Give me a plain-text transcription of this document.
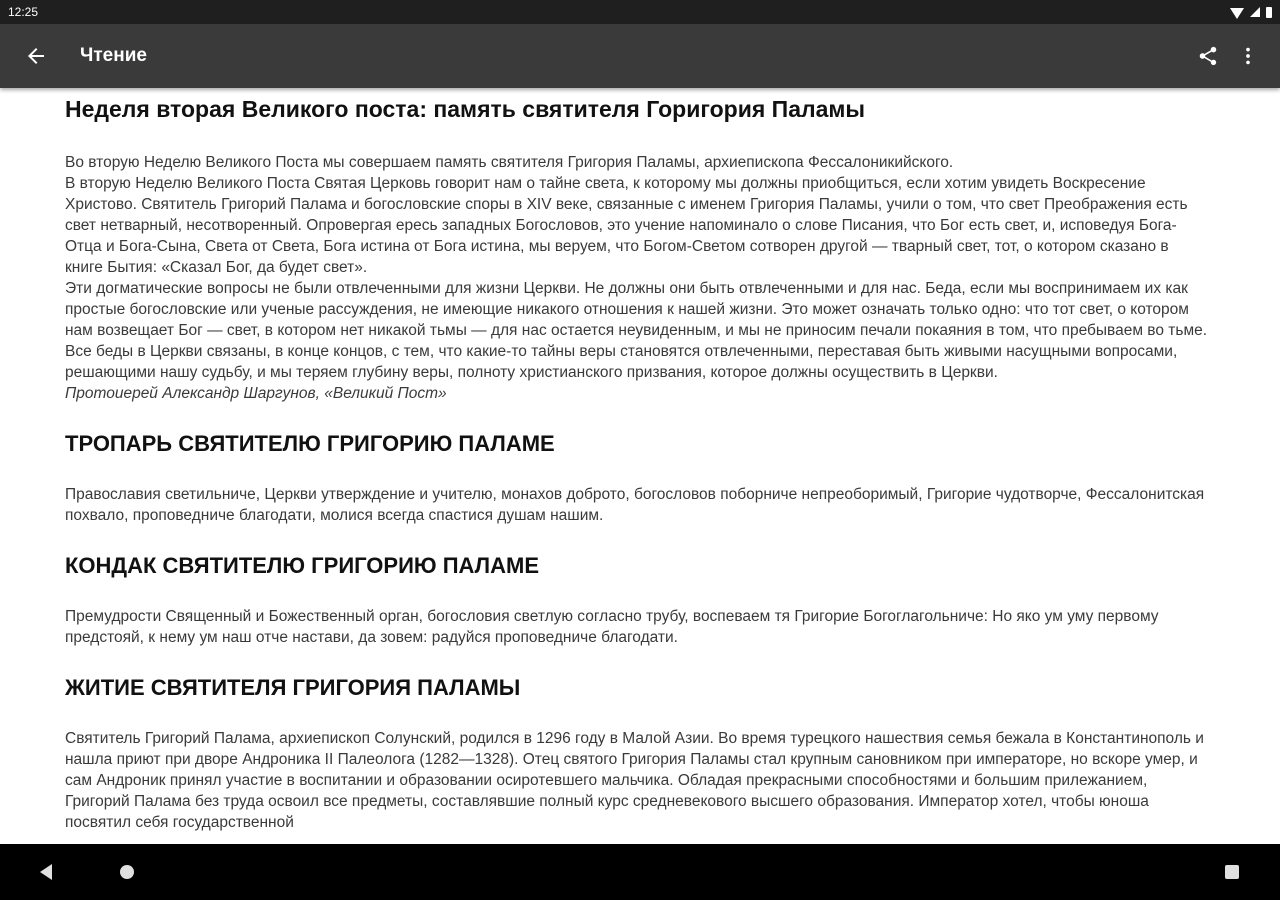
12:25
Чтение
Неделя вторая Великого поста: память святителя Горигория Паламы

Во вторую Неделю Великого Поста мы совершаем память святителя Григория Паламы, архиепископа Фессалоникийского.

В вторую Неделю Великого Поста Святая Церковь говорит нам о тайне света, к которому мы должны приобщиться, если хотим увидеть Воскресение Христово. Святитель Григорий Палама и богословские споры в XIV веке, связанные с именем Григория Паламы, учили о том, что свет Преображения есть свет нетварный, несотворенный. Опровергая ересь западных Богословов, это учение напоминало о слове Писания, что Бог есть свет, и, исповедуя Бога-Отца и Бога-Сына, Света от Света, Бога истина от Бога истина, мы веруем, что Богом-Светом сотворен другой — тварный свет, тот, о котором сказано в книге Бытия: «Сказал Бог, да будет свет».

Эти догматические вопросы не были отвлеченными для жизни Церкви. Не должны они быть отвлеченными и для нас. Беда, если мы воспринимаем их как простые богословские или ученые рассуждения, не имеющие никакого отношения к нашей жизни. Это может означать только одно: что тот свет, о котором нам возвещает Бог — свет, в котором нет никакой тьмы — для нас остается неувиденным, и мы не приносим печали покаяния в том, что пребываем во тьме. Все беды в Церкви связаны, в конце концов, с тем, что какие-то тайны веры становятся отвлеченными, переставая быть живыми насущными вопросами, решающими нашу судьбу, и мы теряем глубину веры, полноту христианского призвания, которое должны осуществить в Церкви.

Протоиерей Александр Шаргунов, «Великий Пост»

ТРОПАРЬ СВЯТИТЕЛЮ ГРИГОРИЮ ПАЛАМЕ

Православия светильниче, Церкви утверждение и учителю, монахов доброто, богословов поборниче непреоборимый, Григорие чудотворче, Фессалонитская похвало, проповедниче благодати, молися всегда спастися душам нашим.

КОНДАК СВЯТИТЕЛЮ ГРИГОРИЮ ПАЛАМЕ

Премудрости Священный и Божественный орган, богословия светлую согласно трубу, воспеваем тя Григорие Богоглагольниче: Но яко ум уму первому предстояй, к нему ум наш отче настави, да зовем: радуйся проповедниче благодати.

ЖИТИЕ СВЯТИТЕЛЯ ГРИГОРИЯ ПАЛАМЫ

Святитель Григорий Палама, архиепископ Солунский, родился в 1296 году в Малой Азии. Во время турецкого нашествия семья бежала в Константинополь и нашла приют при дворе Андроника II Палеолога (1282—1328). Отец святого Григория Паламы стал крупным сановником при императоре, но вскоре умер, и сам Андроник принял участие в воспитании и образовании осиротевшего мальчика. Обладая прекрасными способностями и большим прилежанием, Григорий Палама без труда освоил все предметы, составлявшие полный курс средневекового высшего образования. Император хотел, чтобы юноша посвятил себя государственной
